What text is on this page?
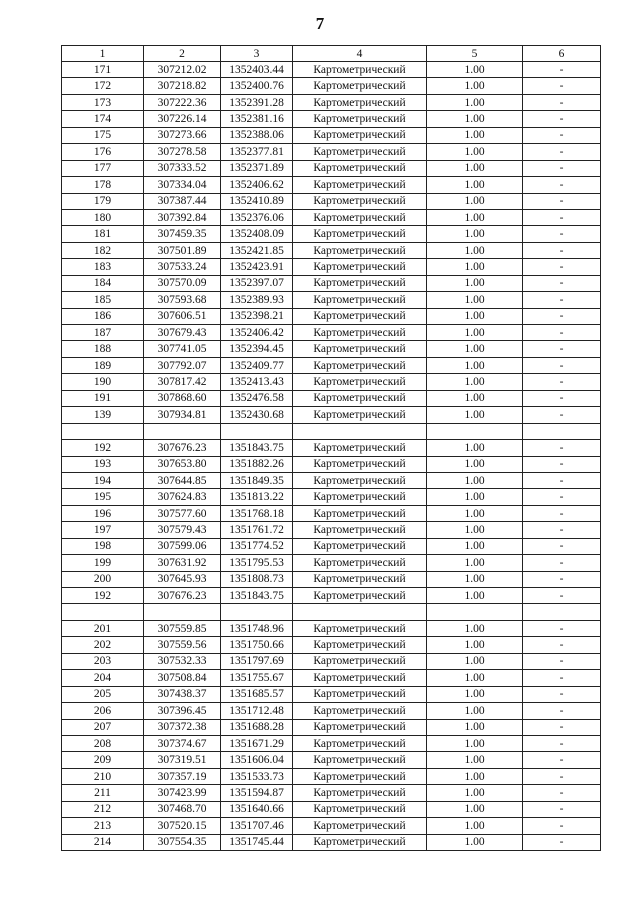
7
1	2	3	4	5	6
171	307212.02	1352403.44	Картометрический	1.00	-
172	307218.82	1352400.76	Картометрический	1.00	-
173	307222.36	1352391.28	Картометрический	1.00	-
174	307226.14	1352381.16	Картометрический	1.00	-
175	307273.66	1352388.06	Картометрический	1.00	-
176	307278.58	1352377.81	Картометрический	1.00	-
177	307333.52	1352371.89	Картометрический	1.00	-
178	307334.04	1352406.62	Картометрический	1.00	-
179	307387.44	1352410.89	Картометрический	1.00	-
180	307392.84	1352376.06	Картометрический	1.00	-
181	307459.35	1352408.09	Картометрический	1.00	-
182	307501.89	1352421.85	Картометрический	1.00	-
183	307533.24	1352423.91	Картометрический	1.00	-
184	307570.09	1352397.07	Картометрический	1.00	-
185	307593.68	1352389.93	Картометрический	1.00	-
186	307606.51	1352398.21	Картометрический	1.00	-
187	307679.43	1352406.42	Картометрический	1.00	-
188	307741.05	1352394.45	Картометрический	1.00	-
189	307792.07	1352409.77	Картометрический	1.00	-
190	307817.42	1352413.43	Картометрический	1.00	-
191	307868.60	1352476.58	Картометрический	1.00	-
139	307934.81	1352430.68	Картометрический	1.00	-

192	307676.23	1351843.75	Картометрический	1.00	-
193	307653.80	1351882.26	Картометрический	1.00	-
194	307644.85	1351849.35	Картометрический	1.00	-
195	307624.83	1351813.22	Картометрический	1.00	-
196	307577.60	1351768.18	Картометрический	1.00	-
197	307579.43	1351761.72	Картометрический	1.00	-
198	307599.06	1351774.52	Картометрический	1.00	-
199	307631.92	1351795.53	Картометрический	1.00	-
200	307645.93	1351808.73	Картометрический	1.00	-
192	307676.23	1351843.75	Картометрический	1.00	-

201	307559.85	1351748.96	Картометрический	1.00	-
202	307559.56	1351750.66	Картометрический	1.00	-
203	307532.33	1351797.69	Картометрический	1.00	-
204	307508.84	1351755.67	Картометрический	1.00	-
205	307438.37	1351685.57	Картометрический	1.00	-
206	307396.45	1351712.48	Картометрический	1.00	-
207	307372.38	1351688.28	Картометрический	1.00	-
208	307374.67	1351671.29	Картометрический	1.00	-
209	307319.51	1351606.04	Картометрический	1.00	-
210	307357.19	1351533.73	Картометрический	1.00	-
211	307423.99	1351594.87	Картометрический	1.00	-
212	307468.70	1351640.66	Картометрический	1.00	-
213	307520.15	1351707.46	Картометрический	1.00	-
214	307554.35	1351745.44	Картометрический	1.00	-
